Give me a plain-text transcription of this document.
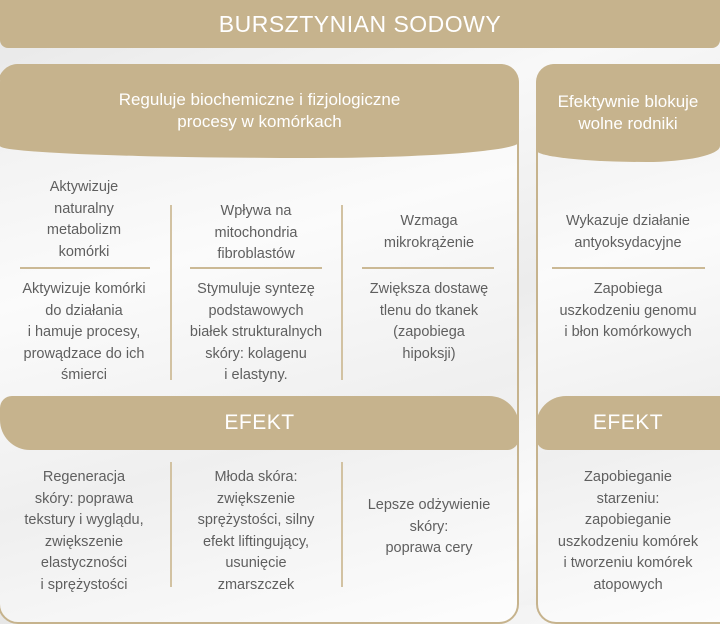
BURSZTYNIAN SODOWY
Reguluje biochemiczne i fizjologiczne
procesy w komórkach
Efektywnie blokuje
wolne rodniki
Aktywizuje
naturalny
metabolizm
komórki
Wpływa na
mitochondria
fibroblastów
Wzmaga
mikrokrążenie
Aktywizuje komórki
do działania
i hamuje procesy,
prowądzace do ich
śmierci
Stymuluje syntezę
podstawowych
białek strukturalnych
skóry: kolagenu
i elastyny.
Zwiększa dostawę
tlenu do tkanek
(zapobiega
hipoksji)
Wykazuje działanie
antyoksydacyjne
Zapobiega
uszkodzeniu genomu
i błon komórkowych
EFEKT	EFEKT
Regeneracja
skóry: poprawa
tekstury i wyglądu,
zwiększenie
elastyczności
i sprężystości
Młoda skóra:
zwiększenie
sprężystości, silny
efekt liftingujący,
usunięcie
zmarszczek
Lepsze odżywienie
skóry:
poprawa cery
Zapobieganie
starzeniu:
zapobieganie
uszkodzeniu komórek
i tworzeniu komórek
atopowych
